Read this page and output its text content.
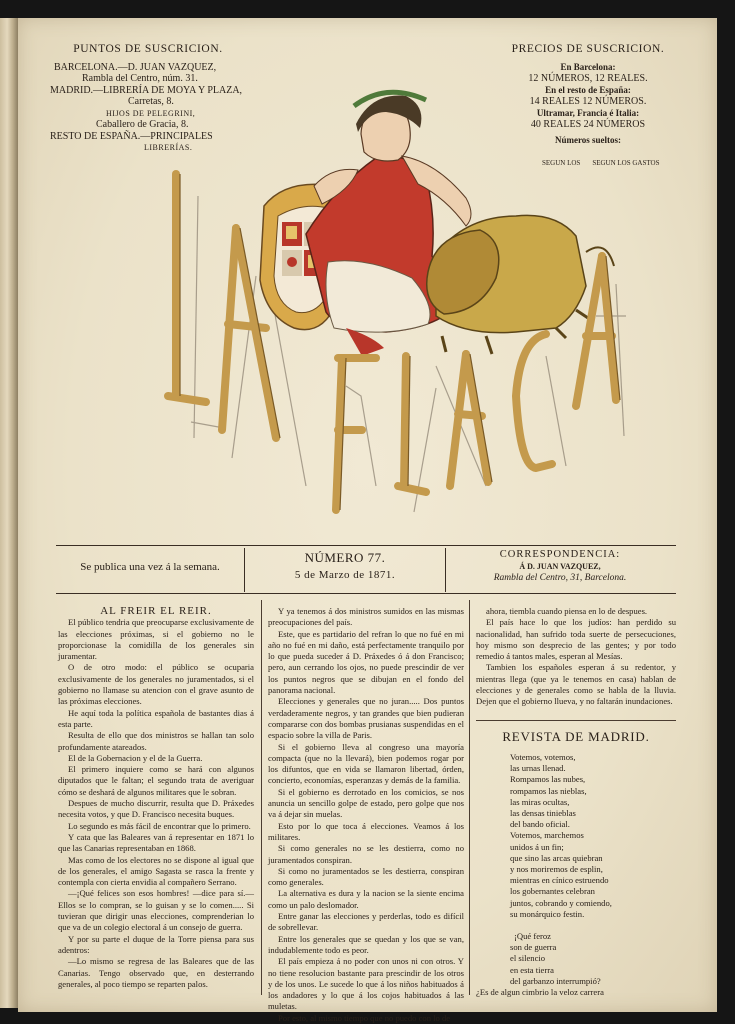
PUNTOS DE SUSCRICION.
BARCELONA.—D. JUAN VAZQUEZ,
Rambla del Centro, núm. 31.
MADRID.—LIBRERÍA DE MOYA Y PLAZA,
Carretas, 8.
HIJOS DE PELEGRINI,
Caballero de Gracia, 8.
RESTO DE ESPAÑA.—PRINCIPALES
LIBRERÍAS.
PRECIOS DE SUSCRICION.
En Barcelona:
12 NÚMEROS, 12 REALES.
En el resto de España:
14 REALES 12 NÚMEROS.
Ultramar, Francia é Italia:
40 REALES 24 NÚMEROS
Números sueltos:
SEGUN LOS SEGUN LOS GASTOS
Se publica una vez á la semana.
NÚMERO 77.
5 de Marzo de 1871.
CORRESPONDENCIA:
Á D. JUAN VAZQUEZ,
Rambla del Centro, 31, Barcelona.

AL FREIR EL REIR.

El público tendria que preocuparse exclusivamente de las elecciones próximas, si el gobierno no le proporcionase la comidilla de los generales sin juramentar.

O de otro modo: el público se ocuparia exclusivamente de los generales no juramentados, si el gobierno no llamase su atencion con el grave asunto de las próximas elecciones.

He aquí toda la política española de bastantes dias á esta parte.

Resulta de ello que dos ministros se hallan tan solo profundamente atareados.

El de la Gobernacion y el de la Guerra.

El primero inquiere como se hará con algunos diputados que le faltan; el segundo trata de averiguar cómo se deshará de algunos militares que le sobran.

Despues de mucho discurrir, resulta que D. Práxedes necesita votos, y que D. Francisco necesita buques.

Lo segundo es más fácil de encontrar que lo primero.

Y cata que las Baleares van á representar en 1871 lo que las Canarias representaban en 1868.

Mas como de los electores no se dispone al igual que de los generales, el amigo Sagasta se rasca la frente y contempla con cierta envidia al compañero Serrano.

—¡Qué felices son esos hombres! —dice para sí.— Ellos se lo compran, se lo guisan y se lo comen..... Si tuvieran que dirigir unas elecciones, comprenderian lo que va de un colegio electoral á un consejo de guerra.

Y por su parte el duque de la Torre piensa para sus adentros:

—Lo mismo se regresa de las Baleares que de las Canarias. Tengo observado que, en desterrando generales, al poco tiempo se reparten palos.

Y ya tenemos á dos ministros sumidos en las mismas preocupaciones del país.

Este, que es partidario del refran lo que no fué en mi año no fué en mi daño, está perfectamente tranquilo por lo que pueda suceder á D. Práxedes ó á don Francisco; pero, aun cerrando los ojos, no puede prescindir de ver los puntos negros que se dibujan en el fondo del panorama nacional.

Elecciones y generales que no juran..... Dos puntos verdaderamente negros, y tan grandes que bien pudieran compararse con dos bombas prusianas suspendidas en el espacio sobre la villa de Paris.

Si el gobierno lleva al congreso una mayoría compacta (que no la llevará), bien podemos rogar por los difuntos, que en vida se llamaron libertad, órden, concierto, economías, esperanzas y demás de la familia.

Si el gobierno es derrotado en los comicios, se nos anuncia un sencillo golpe de estado, pero golpe que nos va á dejar sin muelas.

Esto por lo que toca á elecciones. Veamos á los militares.

Si como generales no se les destierra, como no juramentados conspiran.

Si como no juramentados se les destierra, conspiran como generales.

La alternativa es dura y la nacion se la siente encima como un palo deslomador.

Entre ganar las elecciones y perderlas, todo es difícil de sobrellevar.

Entre los generales que se quedan y los que se van, indudablemente todo es peor.

El país empieza á no poder con unos ni con otros. Y no tiene resolucion bastante para prescindir de los otros y de los unos. Le sucede lo que á los niños habituados á los andadores y lo que á los cojos habituados á las muletas.

Por esto, al mismo tiempo que no puedo con lo de

ahora, tiembla cuando piensa en lo de despues.

El país hace lo que los judíos: han perdido su nacionalidad, han sufrido toda suerte de persecuciones, hoy mismo son desprecio de las gentes; y por todo remedio á tantos males, esperan al Mesías.

Tambien los españoles esperan á su redentor, y mientras llega (que ya le tenemos en casa) hablan de elecciones y de generales como se habla de la lluvia. Dejen que el gobierno llueva, y no faltarán inundaciones.

REVISTA DE MADRID.
Votemos, votemos,
las urnas llenad.
Rompamos las nubes,
rompamos las nieblas,
las miras ocultas,
las densas tinieblas
del bando oficial.
Votemos, marchemos
unidos á un fin;
que sino las arcas quiebran
y nos moriremos de esplin,
mientras en cínico estruendo
los gobernantes celebran
juntos, cobrando y comiendo,
su monárquico festin.
¡Qué feroz
son de guerra
el silencio
en esta tierra
del garbanzo interrumpió?
¿Es de algun cimbrio la veloz carrera
